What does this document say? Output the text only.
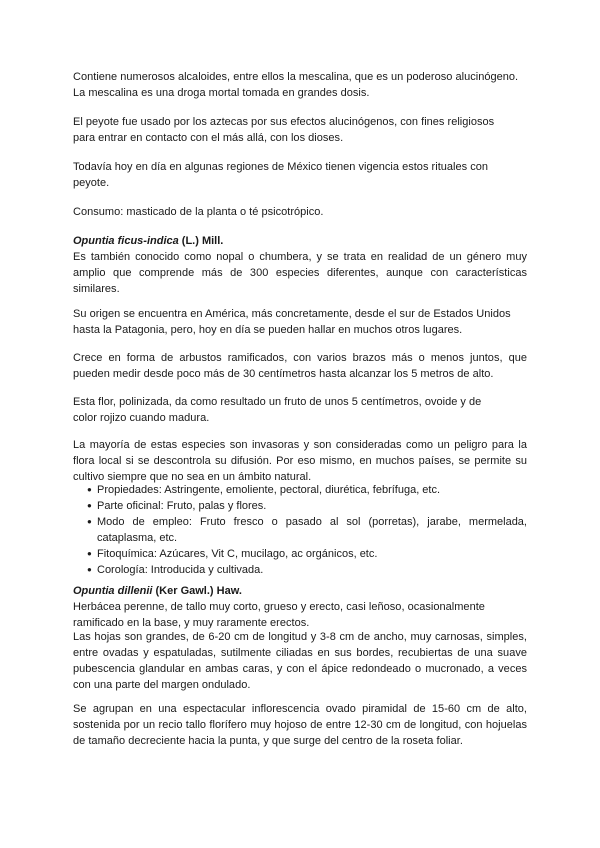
Contiene numerosos alcaloides, entre ellos la mescalina, que es un poderoso alucinógeno. La mescalina es una droga mortal tomada en grandes dosis.

El peyote fue usado por los aztecas por sus efectos alucinógenos, con fines religiosos para entrar en contacto con el más allá, con los dioses.

Todavía hoy en día en algunas regiones de México tienen vigencia estos rituales con peyote.

Consumo: masticado de la planta o té psicotrópico.

Opuntia ficus-indica (L.) Mill.

Es también conocido como nopal o chumbera, y se trata en realidad de un género muy amplio que comprende más de 300 especies diferentes, aunque con características similares.

Su origen se encuentra en América, más concretamente, desde el sur de Estados Unidos hasta la Patagonia, pero, hoy en día se pueden hallar en muchos otros lugares.

Crece en forma de arbustos ramificados, con varios brazos más o menos juntos, que pueden medir desde poco más de 30 centímetros hasta alcanzar los 5 metros de alto.

Esta flor, polinizada, da como resultado un fruto de unos 5 centímetros, ovoide y de color rojizo cuando madura.

La mayoría de estas especies son invasoras y son consideradas como un peligro para la flora local si se descontrola su difusión. Por eso mismo, en muchos países, se permite su cultivo siempre que no sea en un ámbito natural.

● Propiedades: Astringente, emoliente, pectoral, diurética, febrífuga, etc.
● Parte oficinal: Fruto, palas y flores.
● Modo de empleo: Fruto fresco o pasado al sol (porretas), jarabe, mermelada, cataplasma, etc.
● Fitoquímica: Azúcares, Vit C, mucilago, ac orgánicos, etc.
● Corología: Introducida y cultivada.

Opuntia dillenii (Ker Gawl.) Haw.

Herbácea perenne, de tallo muy corto, grueso y erecto, casi leñoso, ocasionalmente ramificado en la base, y muy raramente erectos.

Las hojas son grandes, de 6-20 cm de longitud y 3-8 cm de ancho, muy carnosas, simples, entre ovadas y espatuladas, sutilmente ciliadas en sus bordes, recubiertas de una suave pubescencia glandular en ambas caras, y con el ápice redondeado o mucronado, a veces con una parte del margen ondulado.

Se agrupan en una espectacular inflorescencia ovado piramidal de 15-60 cm de alto, sostenida por un recio tallo florífero muy hojoso de entre 12-30 cm de longitud, con hojuelas de tamaño decreciente hacia la punta, y que surge del centro de la roseta foliar.
